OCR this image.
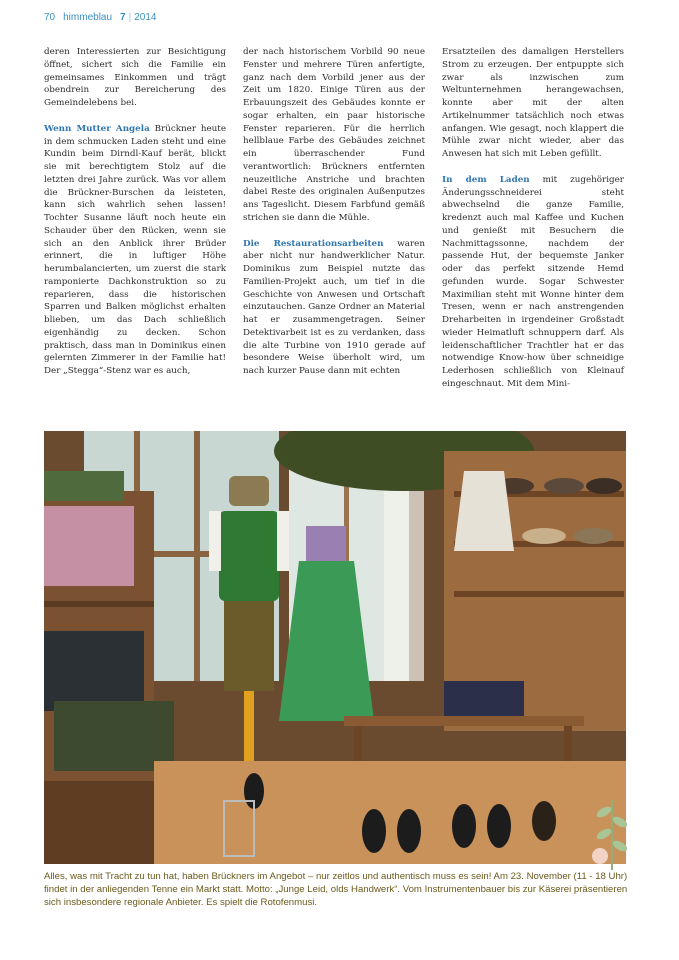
70 himmeblau 7 | 2014

deren Interessierten zur Besichtigung öffnet, sichert sich die Familie ein gemeinsames Einkommen und trägt obendrein zur Bereicherung des Gemeindelebens bei.

Wenn Mutter Angela Brückner heute in dem schmucken Laden steht und eine Kundin beim Dirndl-Kauf berät, blickt sie mit berechtigtem Stolz auf die letzten drei Jahre zurück. Was vor allem die Brückner-Burschen da leisteten, kann sich wahrlich sehen lassen! Tochter Susanne läuft noch heute ein Schauder über den Rücken, wenn sie sich an den Anblick ihrer Brüder erinnert, die in luftiger Höhe herumbalancierten, um zuerst die stark ramponierte Dachkonstruktion so zu reparieren, dass die historischen Sparren und Balken möglichst erhalten blieben, um das Dach schließlich eigenhändig zu decken. Schon praktisch, dass man in Dominikus einen gelernten Zimmerer in der Familie hat! Der „Stegga“-Stenz war es auch,

der nach historischem Vorbild 90 neue Fenster und mehrere Türen anfertigte, ganz nach dem Vorbild jener aus der Zeit um 1820. Einige Türen aus der Erbauungszeit des Gebäudes konnte er sogar erhalten, ein paar historische Fenster reparieren. Für die herrlich hellblaue Farbe des Gebäudes zeichnet ein überraschender Fund verantwortlich: Brückners entfernten neuzeitliche Anstriche und brachten dabei Reste des originalen Außenputzes ans Tageslicht. Diesem Farbfund gemäß strichen sie dann die Mühle.

Die Restaurationsarbeiten waren aber nicht nur handwerklicher Natur. Dominikus zum Beispiel nutzte das Familien-Projekt auch, um tief in die Geschichte von Anwesen und Ortschaft einzutauchen. Ganze Ordner an Material hat er zusammengetragen. Seiner Detektivarbeit ist es zu verdanken, dass die alte Turbine von 1910 gerade auf besondere Weise überholt wird, um nach kurzer Pause dann mit echten

Ersatzteilen des damaligen Herstellers Strom zu erzeugen. Der entpuppte sich zwar als inzwischen zum Weltunternehmen herangewachsen, konnte aber mit der alten Artikelnummer tatsächlich noch etwas anfangen. Wie gesagt, noch klappert die Mühle zwar nicht wieder, aber das Anwesen hat sich mit Leben gefüllt.

In dem Laden mit zugehöriger Änderungsschneiderei steht abwechselnd die ganze Familie, kredenzt auch mal Kaffee und Kuchen und genießt mit Besuchern die Nachmittagssonne, nachdem der passende Hut, der bequemste Janker oder das perfekt sitzende Hemd gefunden wurde. Sogar Schwester Maximilian steht mit Wonne hinter dem Tresen, wenn er nach anstrengenden Dreharbeiten in irgendeiner Großstadt wieder Heimatluft schnuppern darf. Als leidenschaftlicher Trachtler hat er das notwendige Know-how über schneidige Lederhosen schließlich von Kleinauf eingeschnaut. Mit dem Mini-

Alles, was mit Tracht zu tun hat, haben Brückners im Angebot – nur zeitlos und authentisch muss es sein! Am 23. November (11 - 18 Uhr) findet in der anliegenden Tenne ein Markt statt. Motto: „Junge Leid, olds Handwerk“. Vom Instrumentenbauer bis zur Käserei präsentieren sich insbesondere regionale Anbieter. Es spielt die Rotofenmusi.
